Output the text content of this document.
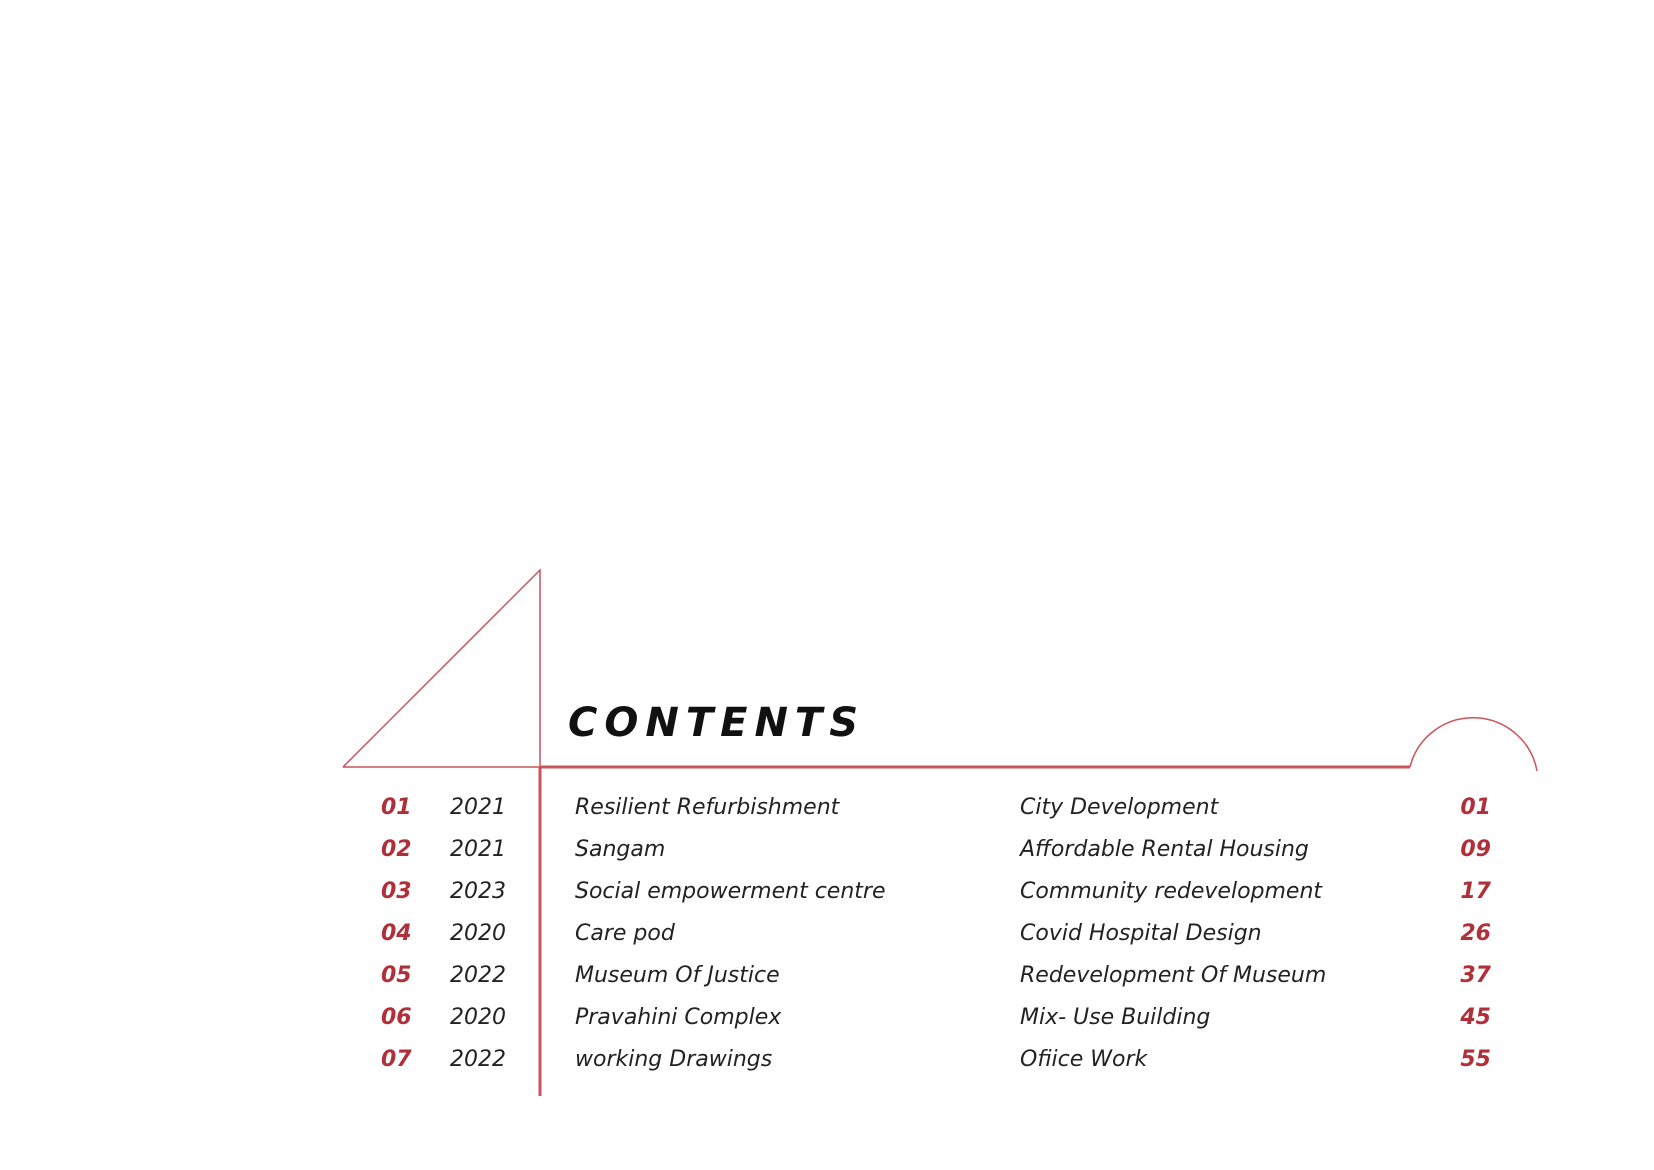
CONTENTS
01 2021	Resilient Refurbishment	City Development	01
02 2021	Sangam	Affordable Rental Housing	09
03 2023	Social empowerment centre	Community redevelopment	17
04 2020	Care pod	Covid Hospital Design	26
05 2022	Museum Of Justice	Redevelopment Of Museum	37
06 2020	Pravahini Complex	Mix- Use Building	45
07 2022	working Drawings	Ofiice Work	55
